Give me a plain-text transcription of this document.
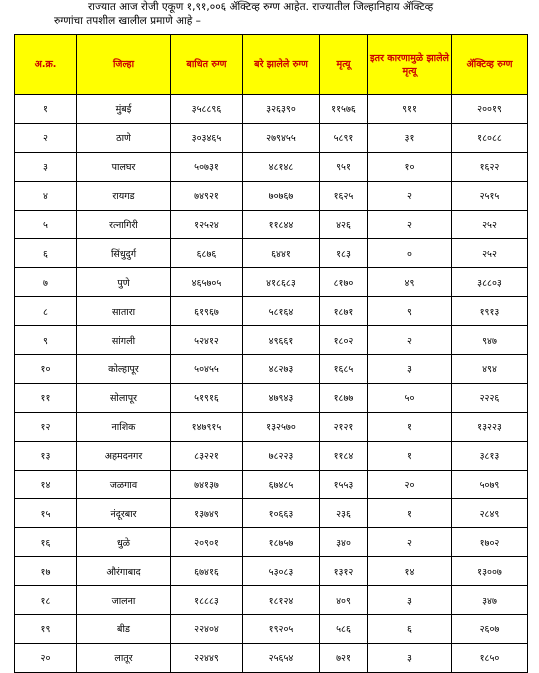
राज्यात आज रोजी एकूण १,९१,००६ ॲक्टिव्ह रुग्ण आहेत. राज्यातील जिल्हानिहाय ॲक्टिव्ह
रुग्णांचा तपशील खालील प्रमाणे आहे –
अ.क्र.	जिल्हा	बाधित रुग्ण	बरे झालेले रुग्ण	मृत्यू	इतर कारणामुळे झालेले मृत्यू	ॲक्टिव्ह रुग्ण
१	मुंबई	३५८८९६	३२६३९०	११५७६	९११	२००१९
२	ठाणे	३०३४६५	२७९४५५	५८९१	३१	१८०८८
३	पालघर	५०७३१	४८१४८	९५१	१०	१६२२
४	रायगड	७४९२१	७०७६७	१६२५	२	२५१५
५	रत्नागिरी	१२५२४	११८४४	४२६	२	२५२
६	सिंधुदुर्ग	६८७६	६४४१	१८३	०	२५२
७	पुणे	४६५७०५	४१८६८३	८१७०	४९	३८८०३
८	सातारा	६१९६७	५८१६४	१८७१	९	१९१३
९	सांगली	५२४१२	४९६६१	१८०२	२	९४७
१०	कोल्हापूर	५०४५५	४८२७३	१६८५	३	४९४
११	सोलापूर	५१९१६	४७९४३	१८७७	५०	२२२६
१२	नाशिक	१४७९१५	१३२५७०	२१२१	१	१३२२३
१३	अहमदनगर	८३२२१	७८२२३	११८४	१	३८१३
१४	जळगाव	७४१३७	६७४८५	१५५३	२०	५०७९
१५	नंदूरबार	१३७४९	१०६६३	२३६	१	२८४९
१६	धुळे	२०९०१	१८७५७	३४०	२	१७०२
१७	औरंगाबाद	६७४१६	५३०८३	१३१२	१४	१३००७
१८	जालना	१८८८३	१८१२४	४०९	३	३४७
१९	बीड	२२४०४	१९२०५	५८६	६	२६०७
२०	लातूर	२२४४९	२५६५४	७२१	३	१८५०
